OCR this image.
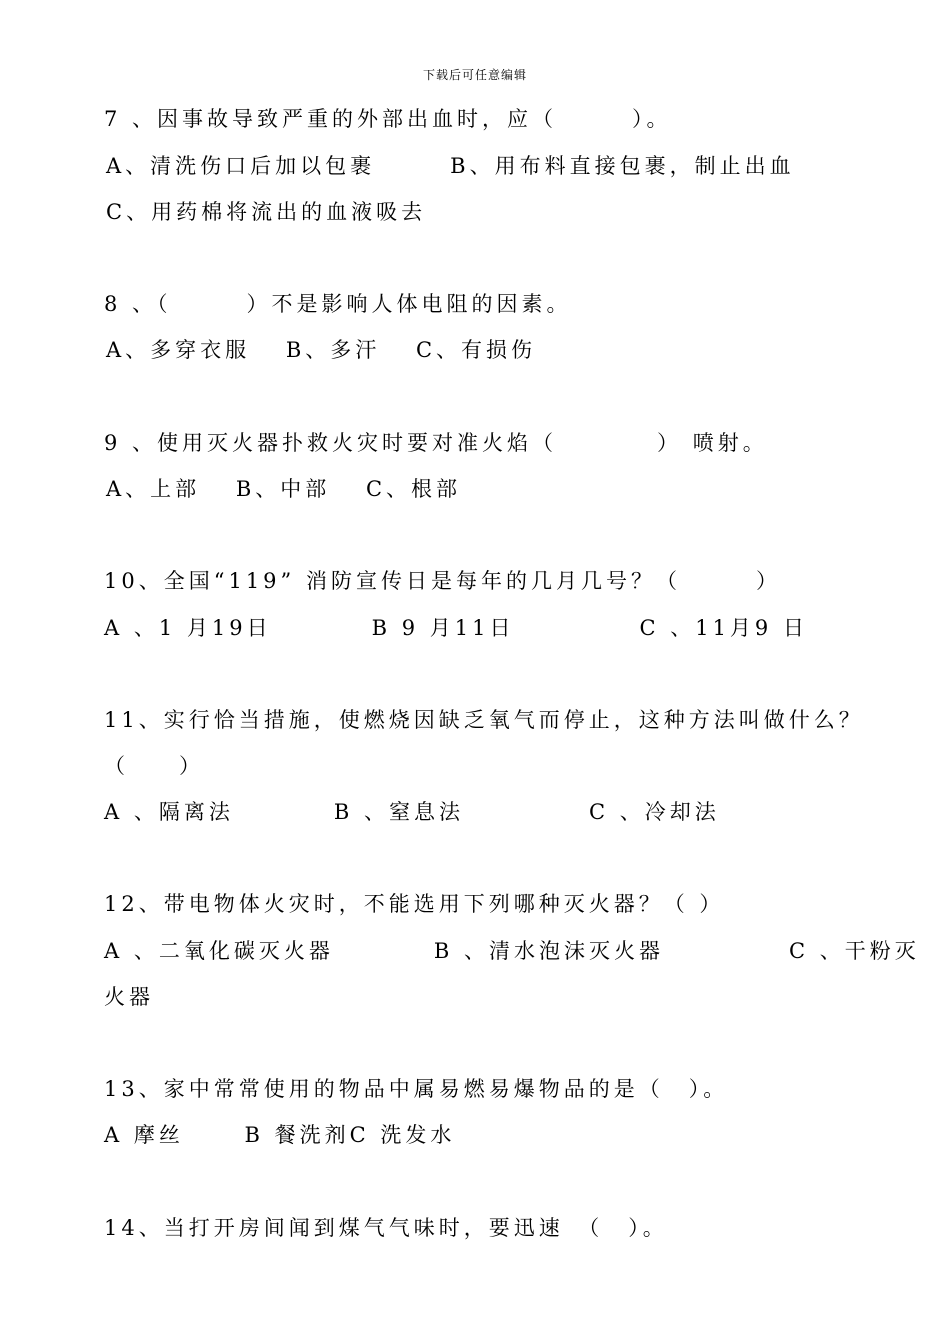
下载后可任意编辑
7 、因事故导致严重的外部出血时，应（　　　）。
A、清洗伤口后加以包裹　　　B、用布料直接包裹，制止出血
C、用药棉将流出的血液吸去
8 、（　　　）不是影响人体电阻的因素。
A、多穿衣服　 B、多汗　 C、有损伤
9 、使用灭火器扑救火灾时要对准火焰（　　　　） 喷射。
A、上部　 B、中部　 C、根部
10、全国“119” 消防宣传日是每年的几月几号？（　　　）
A 、1 月19日　　　　B 9 月11日　　　　　C 、11月9 日
11、实行恰当措施，使燃烧因缺乏氧气而停止，这种方法叫做什么？
（　　）
A 、隔离法　　　　B 、窒息法　　　　　C 、冷却法
12、带电物体火灾时，不能选用下列哪种灭火器？（ ）
A 、二氧化碳灭火器　　　　B 、清水泡沫灭火器　　　　　C 、干粉灭
火器
13、家中常常使用的物品中属易燃易爆物品的是（　）。
A 摩丝　　 B 餐洗剂C 洗发水
14、当打开房间闻到煤气气味时，要迅速　（　）。
